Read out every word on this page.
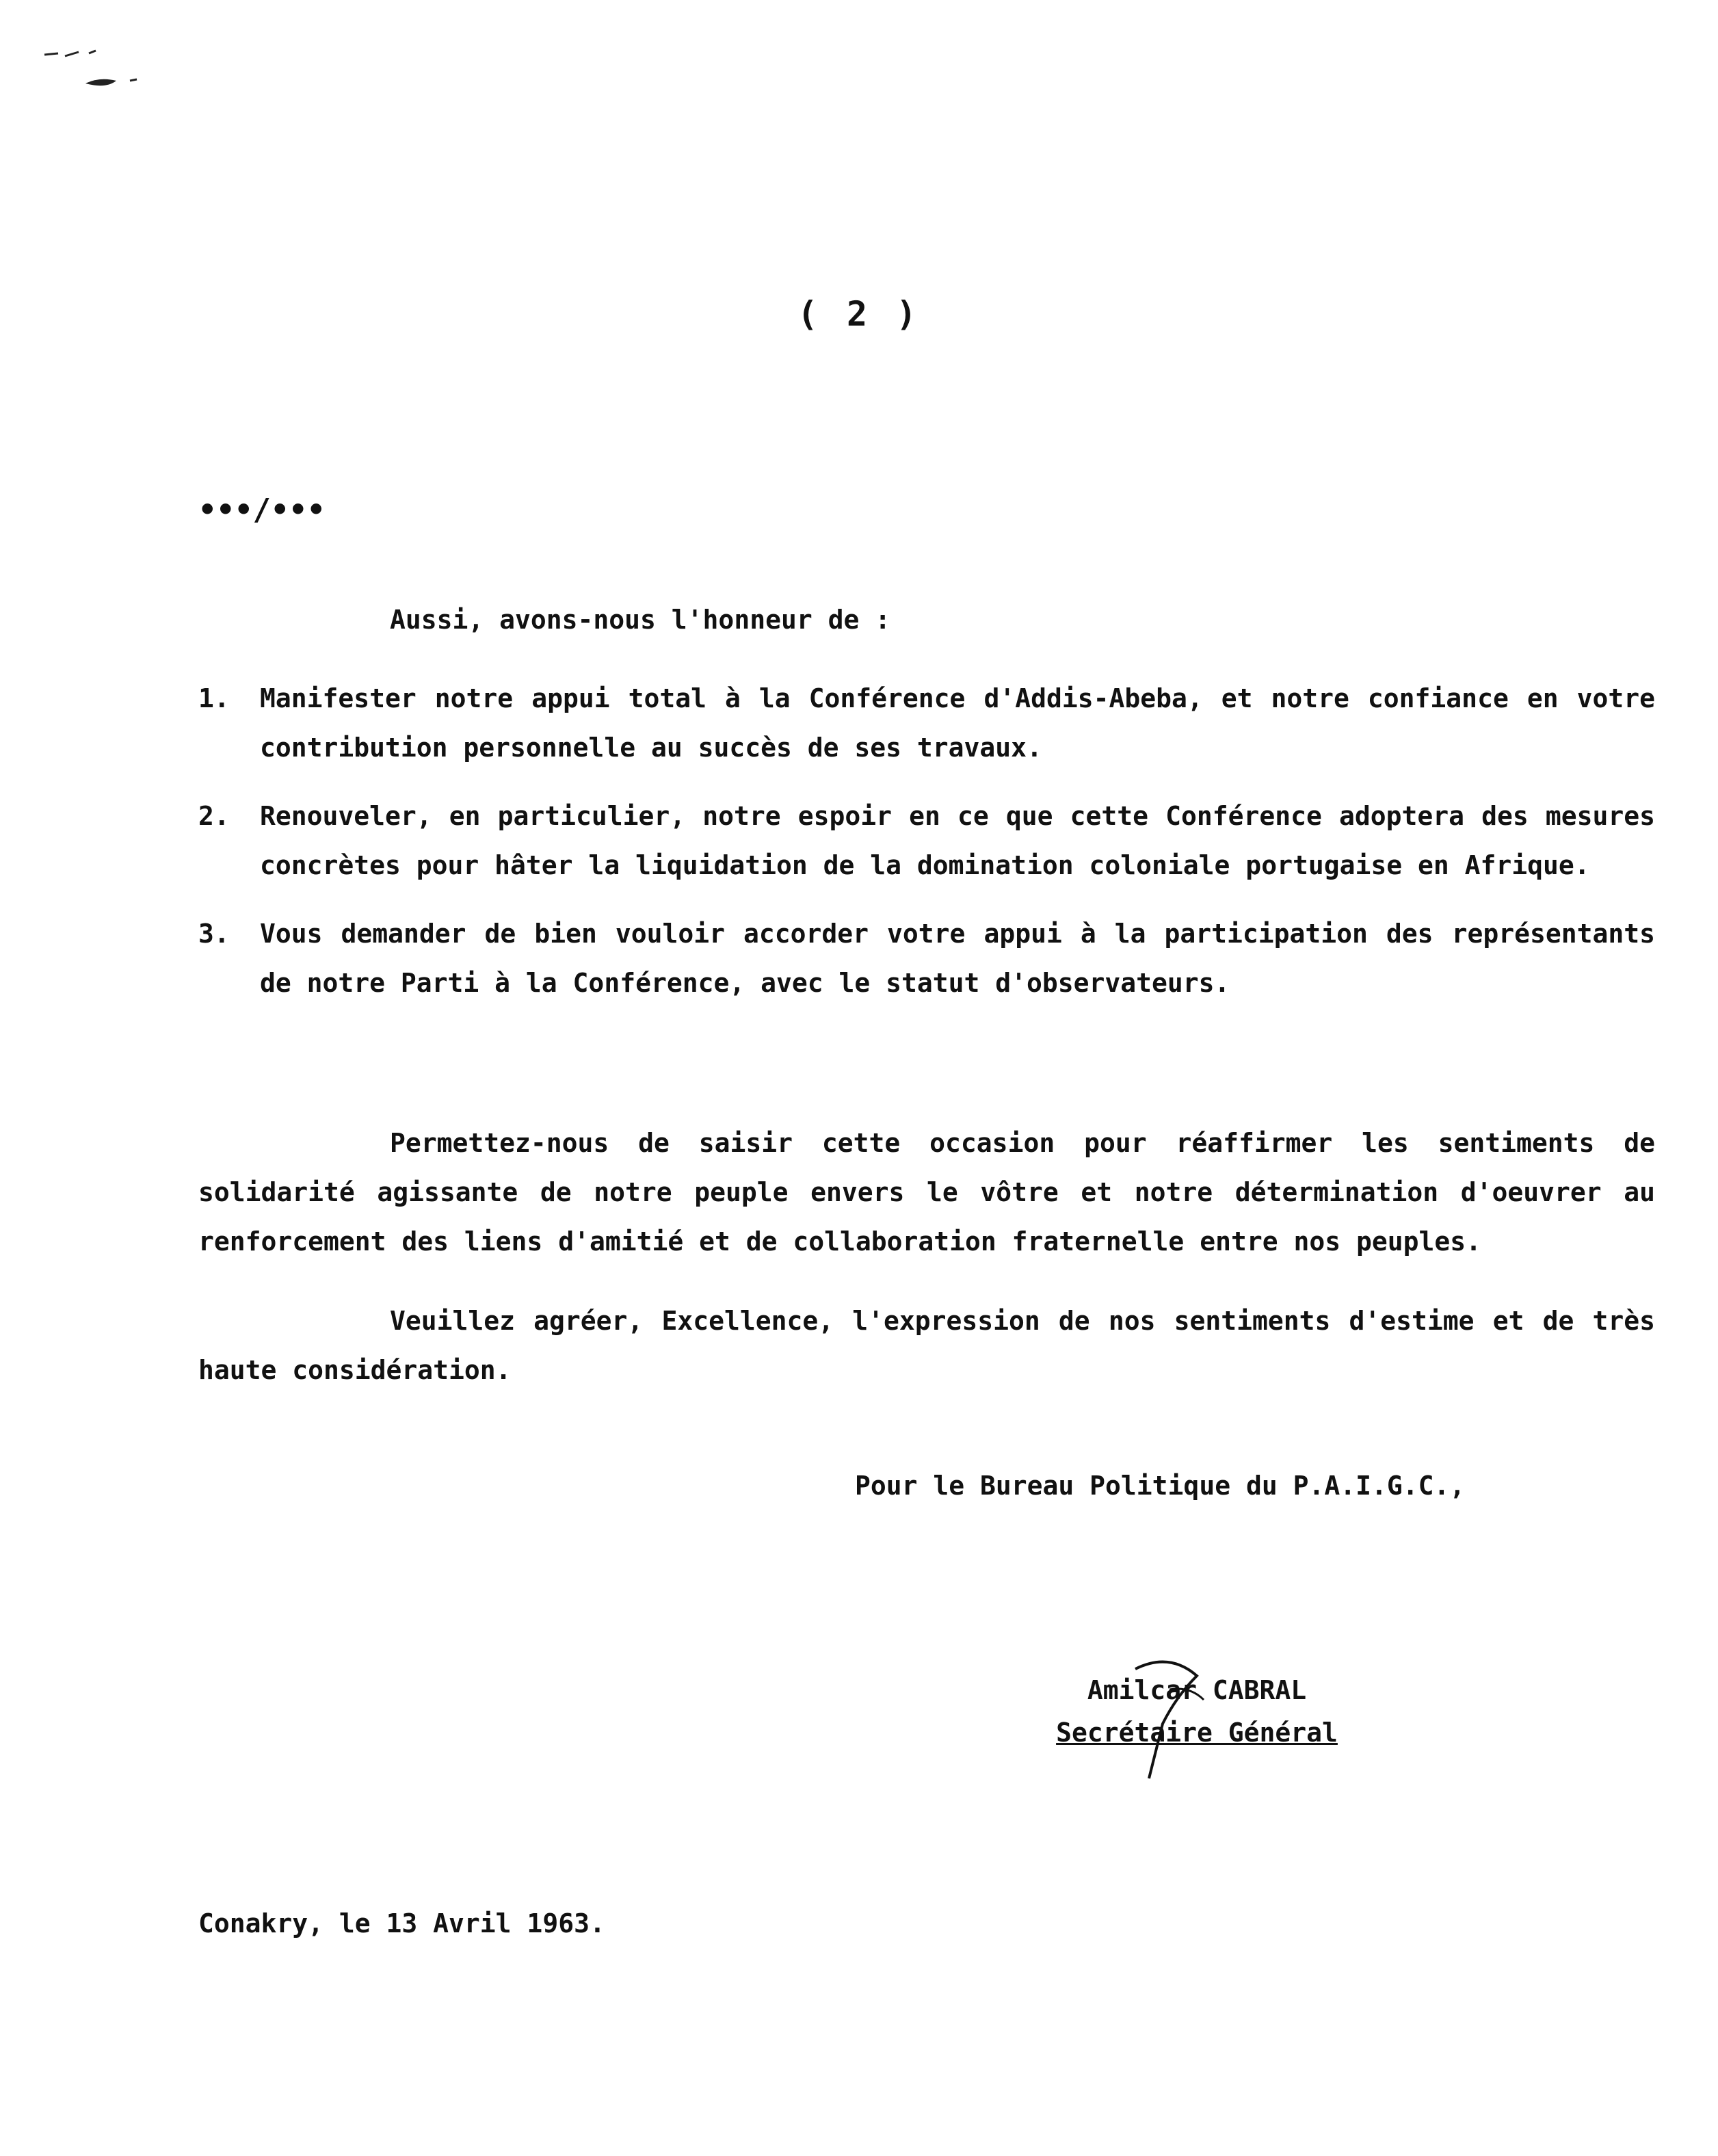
( 2 )
•••/•••
Aussi, avons-nous l'honneur de :
1.	Manifester notre appui total à la Conférence d'Addis-Abeba, et notre confiance en votre contribution personnelle au succès de ses travaux.
2.	Renouveler, en particulier, notre espoir en ce que cette Conférence adoptera des mesures concrètes pour hâter la liquidation de la domination coloniale portugaise en Afrique.
3.	Vous demander de bien vouloir accorder votre appui à la participation des représentants de notre Parti à la Conférence, avec le statut d'observateurs.
Permettez-nous de saisir cette occasion pour réaffirmer les sentiments de solidarité agissante de notre peuple envers le vôtre et notre détermination d'oeuvrer au renforcement des liens d'amitié et de collaboration fraternelle entre nos peuples.
Veuillez agréer, Excellence, l'expression de nos sentiments d'estime et de très haute considération.
Pour le Bureau Politique du P.A.I.G.C.,
Amilcar CABRAL
Secrétaire Général
Conakry, le 13 Avril 1963.
